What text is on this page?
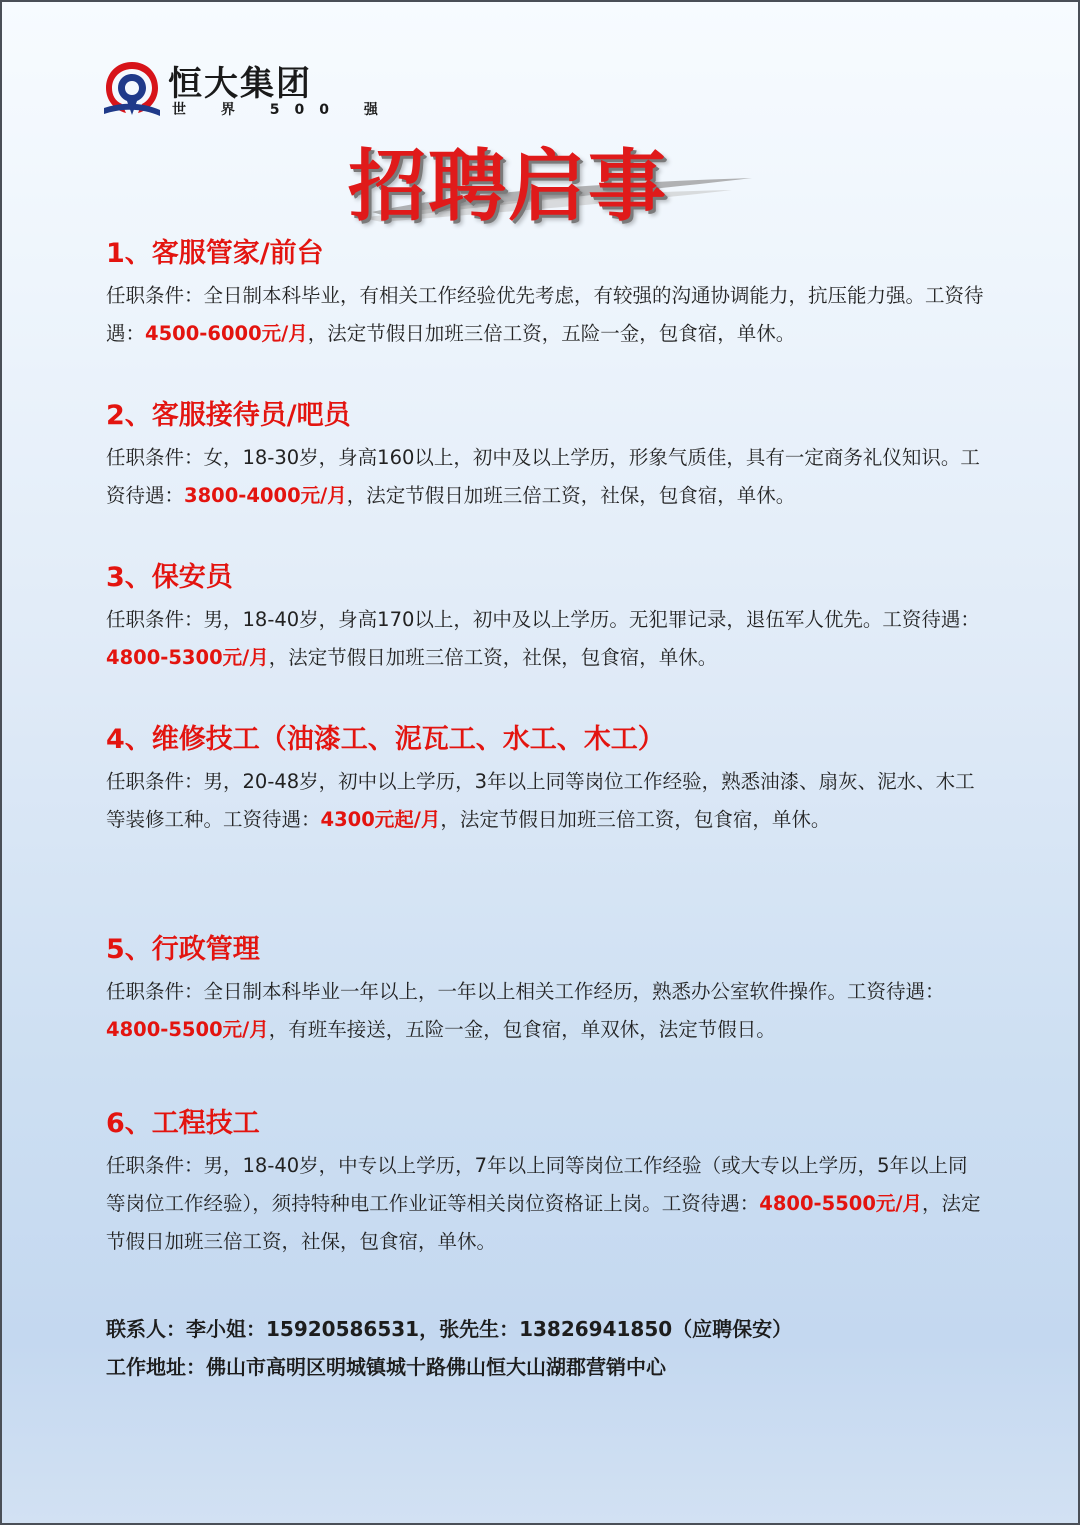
恒大集团
世 界 500 强
招聘启事
1、客服管家/前台
任职条件：全日制本科毕业，有相关工作经验优先考虑，有较强的沟通协调能力，抗压能力强。工资待遇：4500-6000元/月，法定节假日加班三倍工资，五险一金，包食宿，单休。
2、客服接待员/吧员
任职条件：女，18-30岁，身高160以上，初中及以上学历，形象气质佳，具有一定商务礼仪知识。工资待遇：3800-4000元/月，法定节假日加班三倍工资，社保，包食宿，单休。
3、保安员
任职条件：男，18-40岁，身高170以上，初中及以上学历。无犯罪记录，退伍军人优先。工资待遇：4800-5300元/月，法定节假日加班三倍工资，社保，包食宿，单休。
4、维修技工（油漆工、泥瓦工、水工、木工）
任职条件：男，20-48岁，初中以上学历，3年以上同等岗位工作经验，熟悉油漆、扇灰、泥水、木工等装修工种。工资待遇：4300元起/月，法定节假日加班三倍工资，包食宿，单休。
5、行政管理
任职条件：全日制本科毕业一年以上，一年以上相关工作经历，熟悉办公室软件操作。工资待遇：4800-5500元/月，有班车接送，五险一金，包食宿，单双休，法定节假日。
6、工程技工
任职条件：男，18-40岁，中专以上学历，7年以上同等岗位工作经验（或大专以上学历，5年以上同等岗位工作经验），须持特种电工作业证等相关岗位资格证上岗。工资待遇：4800-5500元/月，法定节假日加班三倍工资，社保，包食宿，单休。
联系人：李小姐：15920586531，张先生：13826941850（应聘保安）
工作地址：佛山市高明区明城镇城十路佛山恒大山湖郡营销中心
